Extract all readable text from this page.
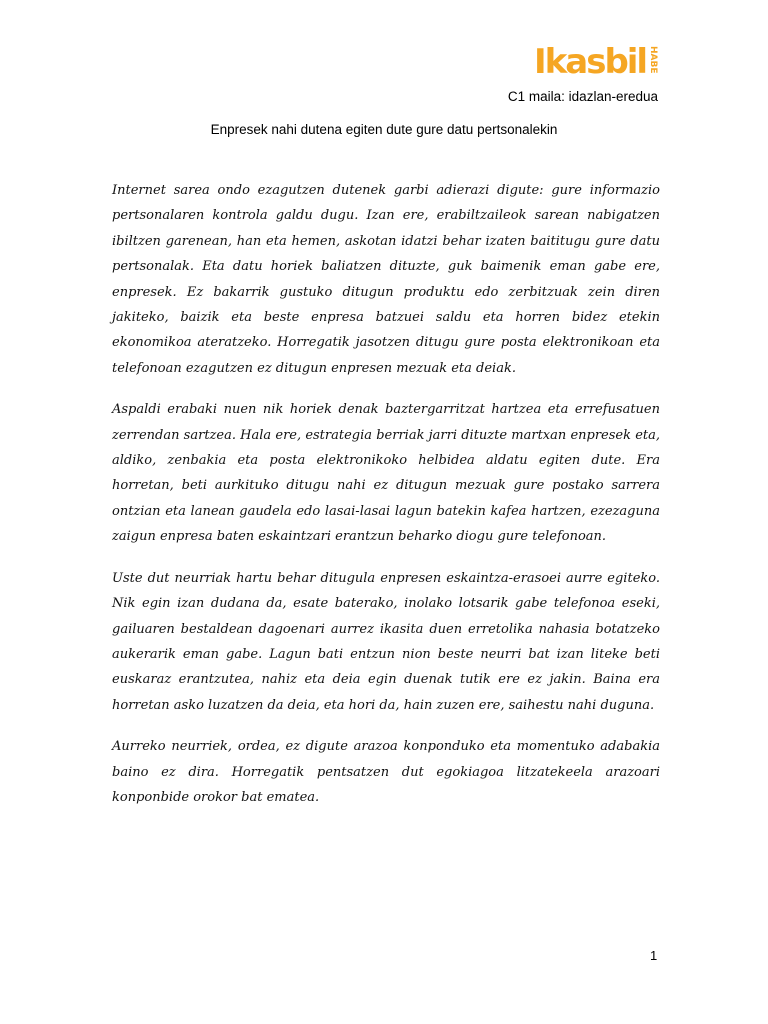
Ikasbil HABE
C1 maila: idazlan-eredua
Enpresek nahi dutena egiten dute gure datu pertsonalekin

Internet sarea ondo ezagutzen dutenek garbi adierazi digute: gure informazio pertsonalaren kontrola galdu dugu. Izan ere, erabiltzaileok sarean nabigatzen ibiltzen garenean, han eta hemen, askotan idatzi behar izaten baititugu gure datu pertsonalak. Eta datu horiek baliatzen dituzte, guk baimenik eman gabe ere, enpresek. Ez bakarrik gustuko ditugun produktu edo zerbitzuak zein diren jakiteko, baizik eta beste enpresa batzuei saldu eta horren bidez etekin ekonomikoa ateratzeko. Horregatik jasotzen ditugu gure posta elektronikoan eta telefonoan ezagutzen ez ditugun enpresen mezuak eta deiak.

Aspaldi erabaki nuen nik horiek denak baztergarritzat hartzea eta errefusatuen zerrendan sartzea. Hala ere, estrategia berriak jarri dituzte martxan enpresek eta, aldiko, zenbakia eta posta elektronikoko helbidea aldatu egiten dute. Era horretan, beti aurkituko ditugu nahi ez ditugun mezuak gure postako sarrera ontzian eta lanean gaudela edo lasai-lasai lagun batekin kafea hartzen, ezezaguna zaigun enpresa baten eskaintzari erantzun beharko diogu gure telefonoan.

Uste dut neurriak hartu behar ditugula enpresen eskaintza-erasoei aurre egiteko. Nik egin izan dudana da, esate baterako, inolako lotsarik gabe telefonoa eseki, gailuaren bestaldean dagoenari aurrez ikasita duen erretolika nahasia botatzeko aukerarik eman gabe. Lagun bati entzun nion beste neurri bat izan liteke beti euskaraz erantzutea, nahiz eta deia egin duenak tutik ere ez jakin. Baina era horretan asko luzatzen da deia, eta hori da, hain zuzen ere, saihestu nahi duguna.

Aurreko neurriek, ordea, ez digute arazoa konponduko eta momentuko adabakia baino ez dira. Horregatik pentsatzen dut egokiagoa litzatekeela arazoari konponbide orokor bat ematea.

1
